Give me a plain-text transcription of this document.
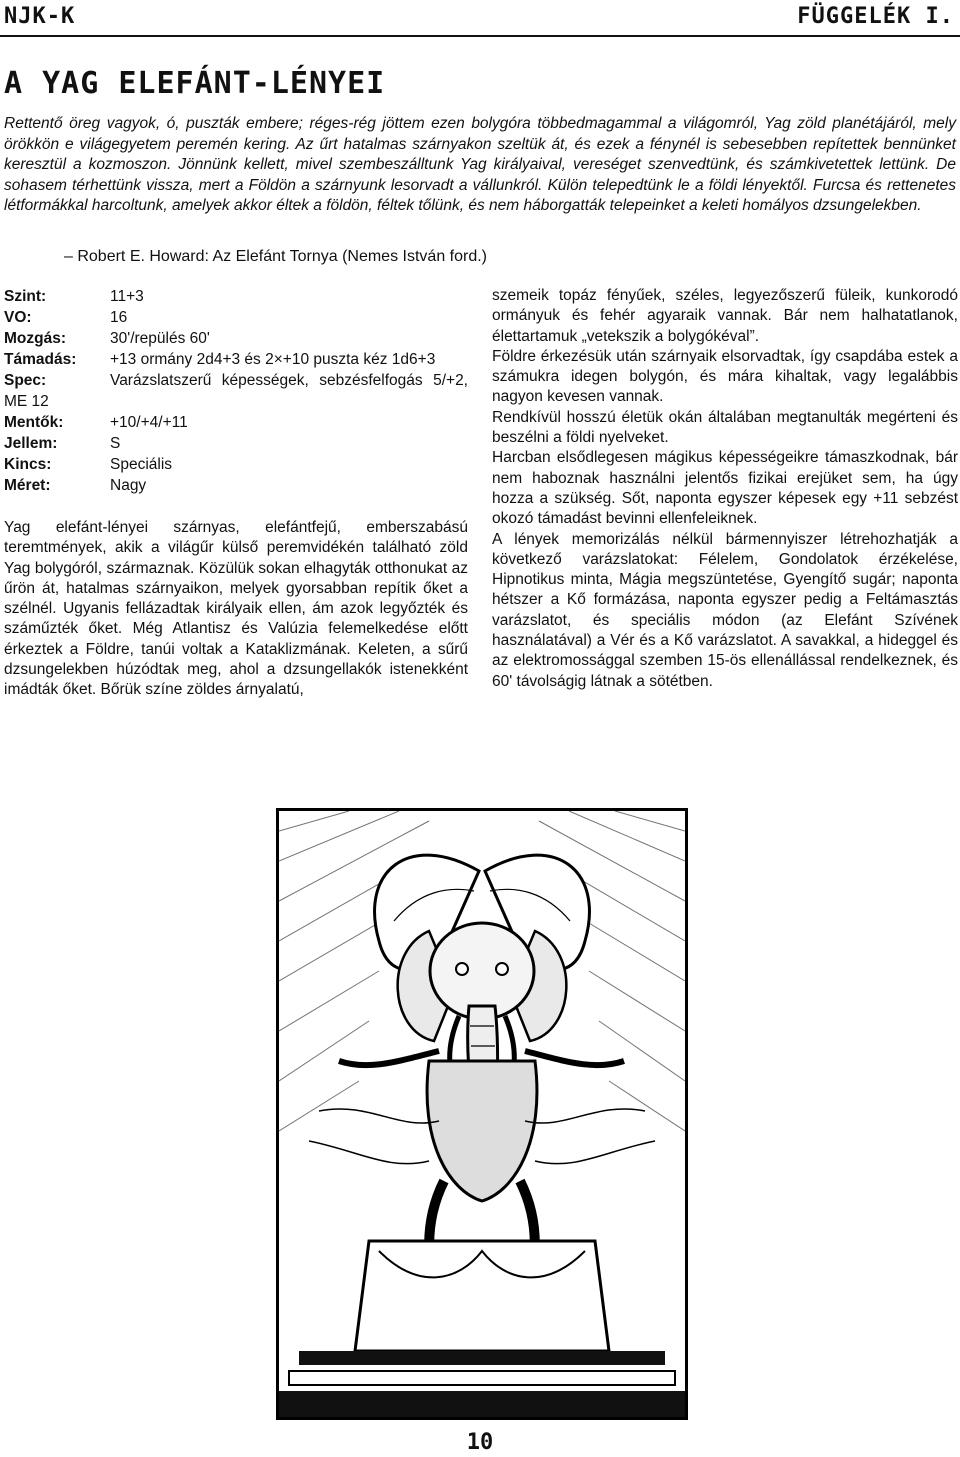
NJK-K	FÜGGELÉK I.
A YAG ELEFÁNT-LÉNYEI
Rettentő öreg vagyok, ó, puszták embere; réges-rég jöttem ezen bolygóra többedmagammal a világomról, Yag zöld planétájáról, mely örökkön e világegyetem peremén kering. Az űrt hatalmas szárnyakon szeltük át, és ezek a fénynél is sebesebben repítettek bennünket keresztül a kozmoszon. Jönnünk kellett, mivel szembeszálltunk Yag királyaival, vereséget szenvedtünk, és számkivetettek lettünk. De sohasem térhettünk vissza, mert a Földön a szárnyunk lesorvadt a vállunkról. Külön telepedtünk le a földi lényektől. Furcsa és rettenetes létformákkal harcoltunk, amelyek akkor éltek a földön, féltek tőlünk, és nem háborgatták telepeinket a keleti homályos dzsungelekben.
– Robert E. Howard: Az Elefánt Tornya (Nemes István ford.)
Szint:	11+3
VO:	16
Mozgás:	30'/repülés 60'
Támadás: +13 ormány 2d4+3 és 2×+10 puszta kéz 1d6+3
Spec:	Varázslatszerű képességek, sebzésfelfogás 5/+2, ME 12
Mentők:	+10/+4/+11
Jellem:	S
Kincs:	Speciális
Méret:	Nagy
Yag elefánt-lényei szárnyas, elefántfejű, emberszabású teremtmények, akik a világűr külső peremvidékén található zöld Yag bolygóról, származnak. Közülük sokan elhagyták otthonukat az űrön át, hatalmas szárnyaikon, melyek gyorsabban repítik őket a szélnél. Ugyanis fellázadtak királyaik ellen, ám azok legyőzték és száműzték őket. Még Atlantisz és Valúzia felemelkedése előtt érkeztek a Földre, tanúi voltak a Kataklizmának. Keleten, a sűrű dzsungelekben húzódtak meg, ahol a dzsungellakók istenekként imádták őket. Bőrük színe zöldes árnyalatú,

szemeik topáz fényűek, széles, legyezőszerű füleik, kunkorodó ormányuk és fehér agyaraik vannak. Bár nem halhatatlanok, élettartamuk „vetekszik a bolygókéval”.

Földre érkezésük után szárnyaik elsorvadtak, így csapdába estek a számukra idegen bolygón, és mára kihaltak, vagy legalábbis nagyon kevesen vannak.

Rendkívül hosszú életük okán általában megtanulták megérteni és beszélni a földi nyelveket.

Harcban elsődlegesen mágikus képességeikre támaszkodnak, bár nem haboznak használni jelentős fizikai erejüket sem, ha úgy hozza a szükség. Sőt, naponta egyszer képesek egy +11 sebzést okozó támadást bevinni ellenfeleiknek.

A lények memorizálás nélkül bármennyiszer létrehozhatják a következő varázslatokat: Félelem, Gondolatok érzékelése, Hipnotikus minta, Mágia megszüntetése, Gyengítő sugár; naponta hétszer a Kő formázása, naponta egyszer pedig a Feltámasztás varázslatot, és speciális módon (az Elefánt Szívének használatával) a Vér és a Kő varázslatot. A savakkal, a hideggel és az elektromossággal szemben 15-ös ellenállással rendelkeznek, és 60' távolságig látnak a sötétben.

10
